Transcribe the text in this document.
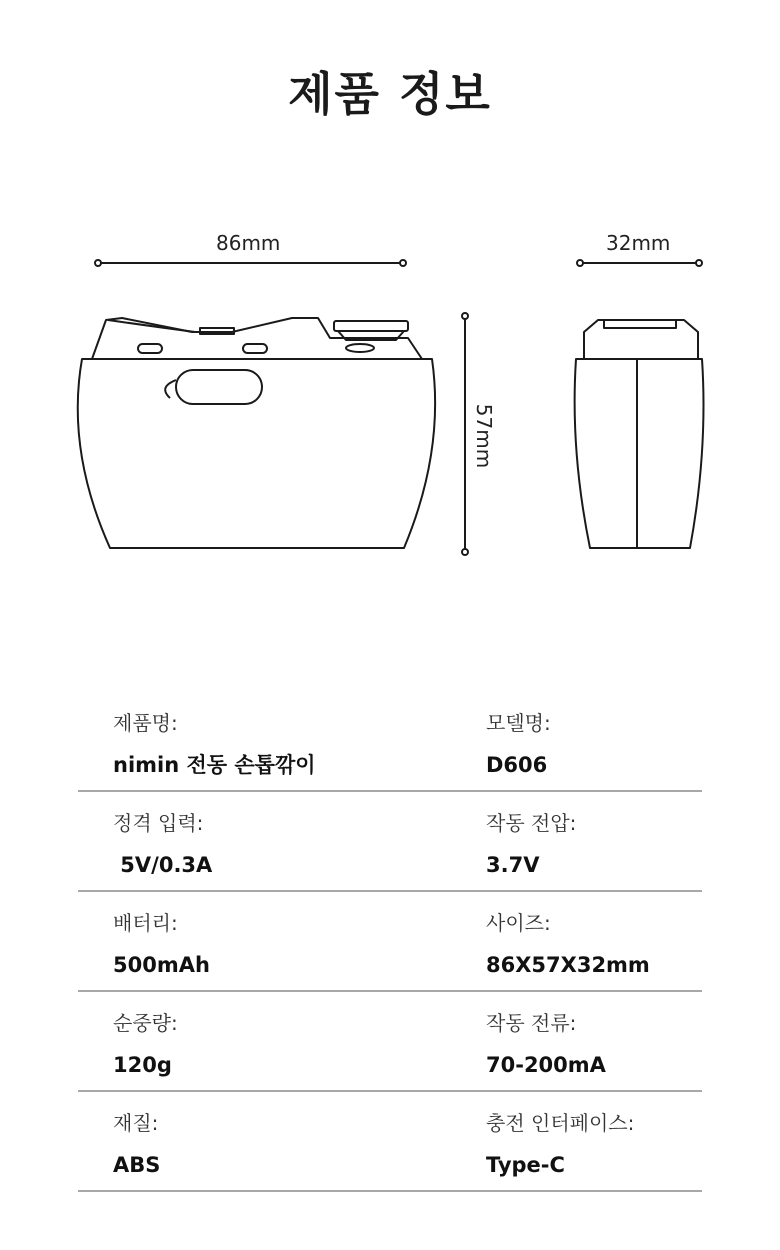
제품 정보
86mm	32mm
57mm
제품명:
nimin 전동 손톱깎이
모델명:
D606
정격 입력:
5V/0.3A
작동 전압:
3.7V
배터리:
500mAh
사이즈:
86X57X32mm
순중량:
120g
작동 전류:
70-200mA
재질:
ABS
충전 인터페이스:
Type-C
